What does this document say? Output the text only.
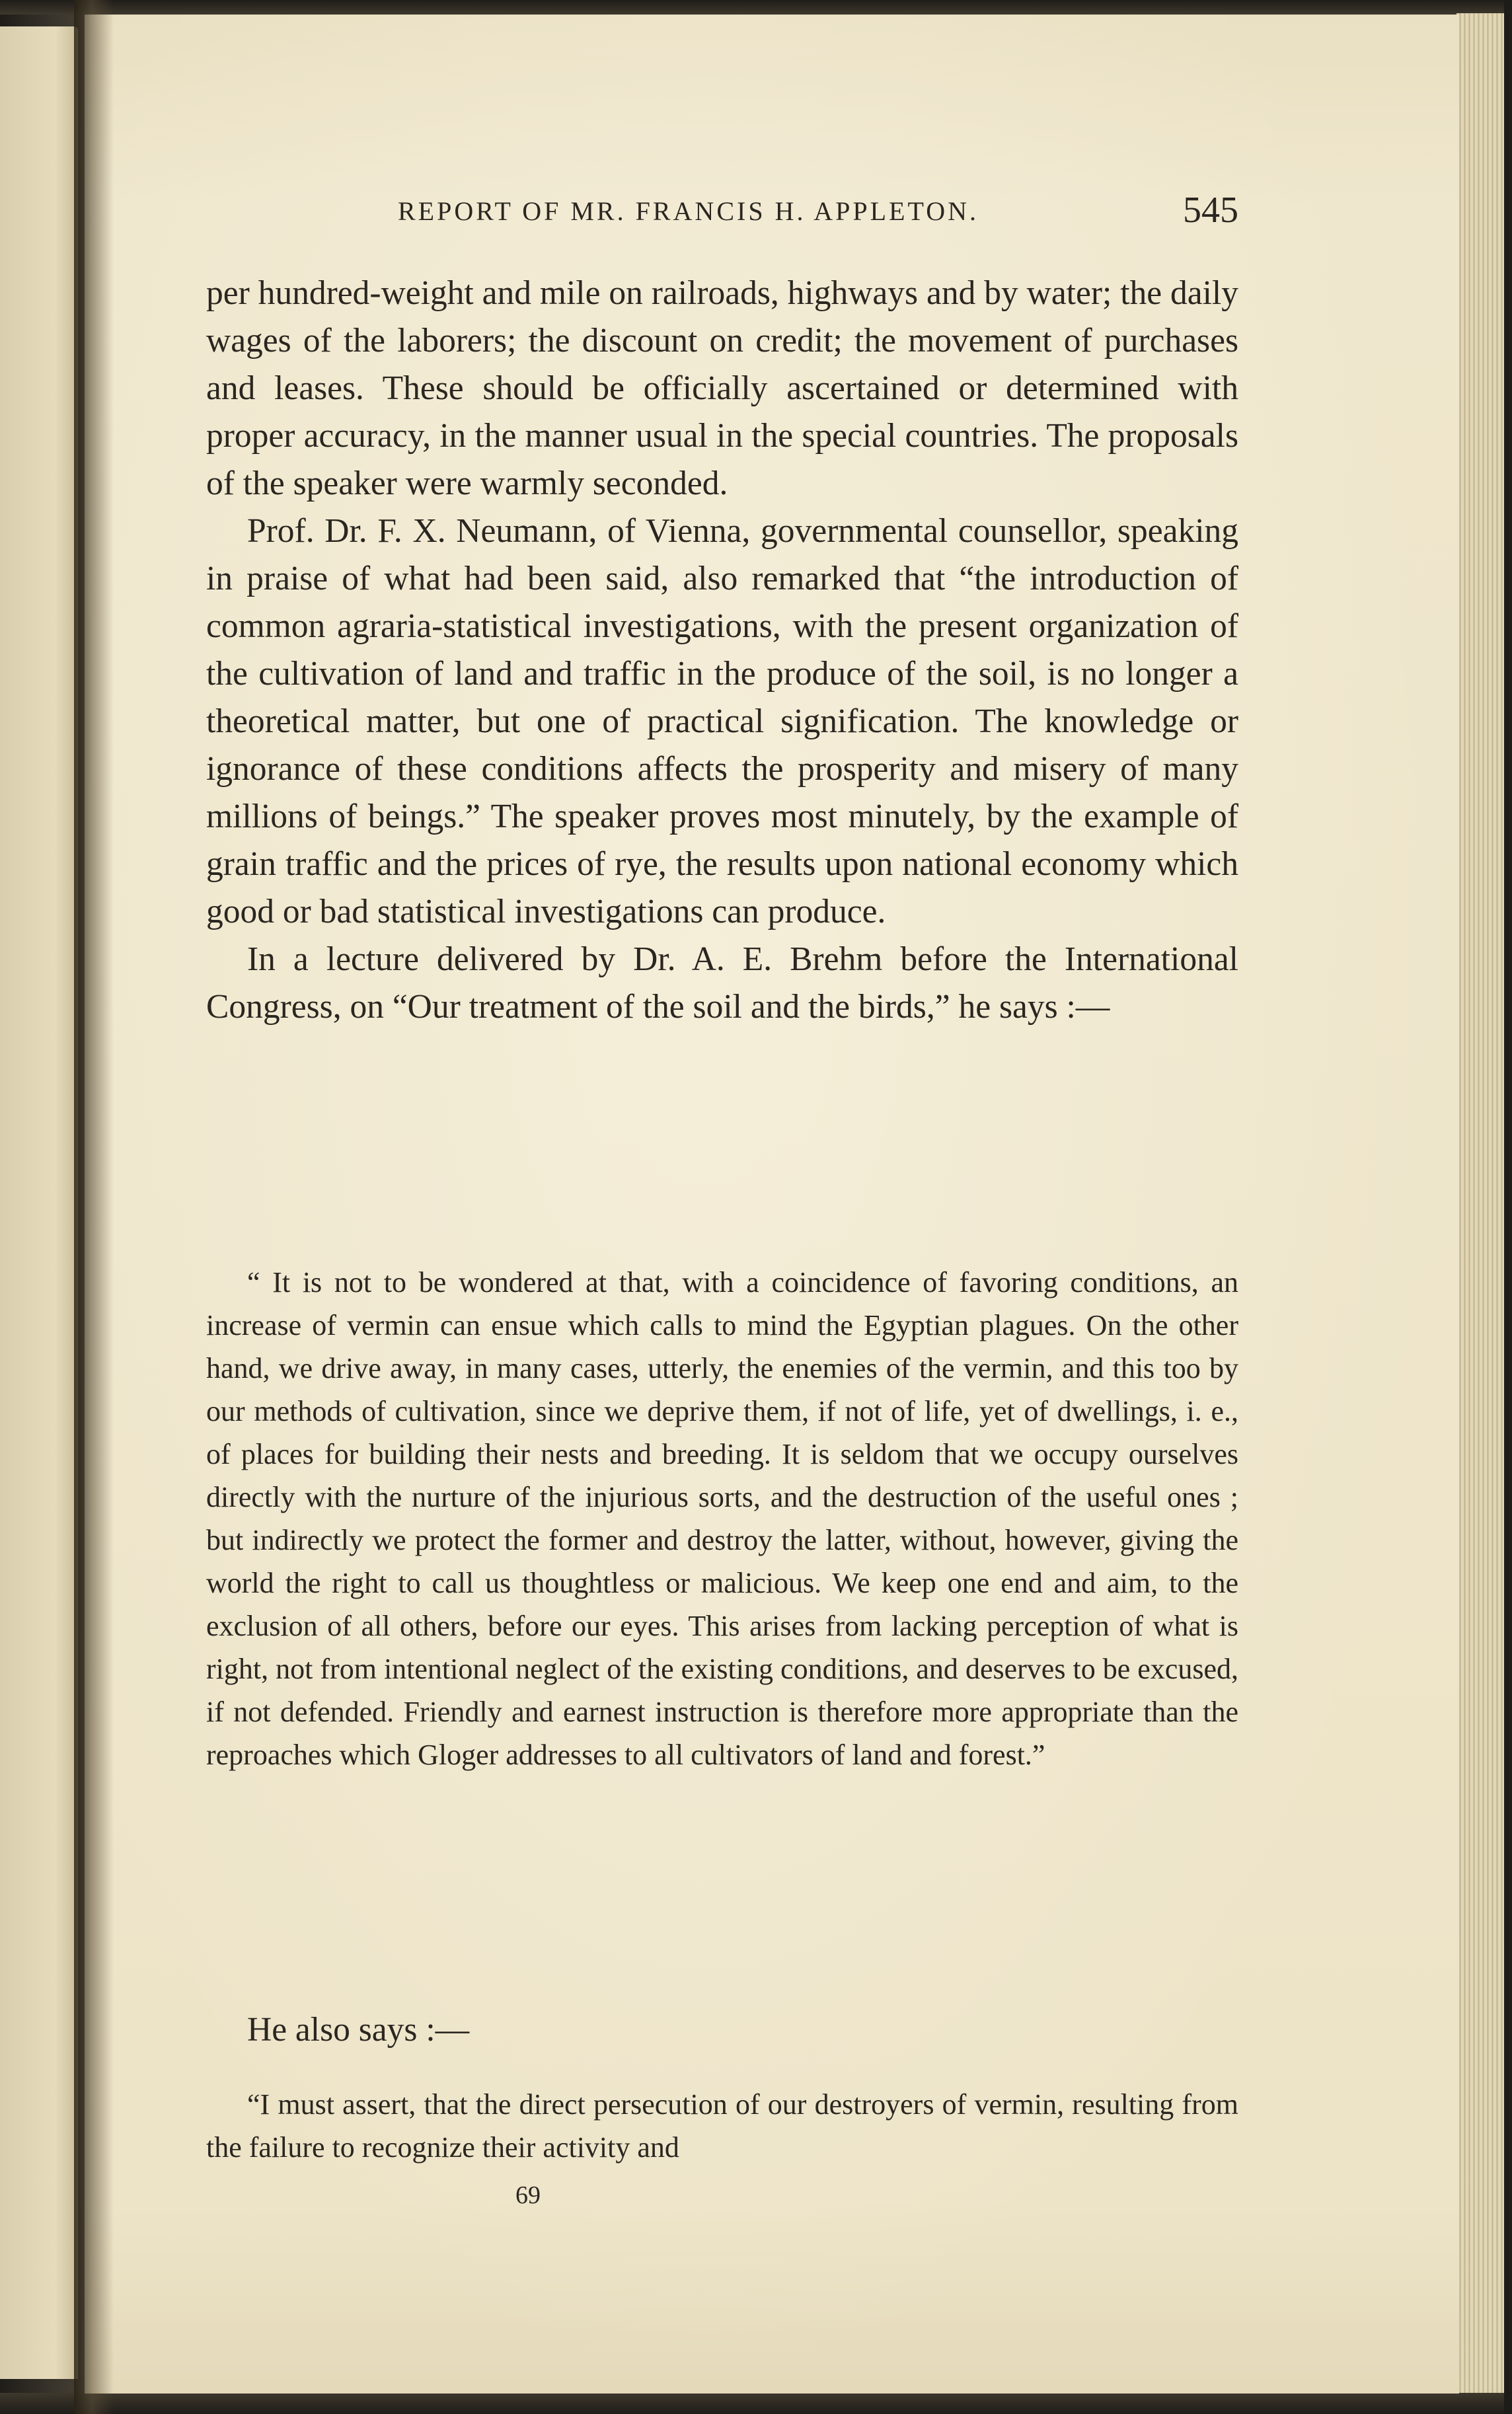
REPORT OF MR. FRANCIS H. APPLETON.	545

per hundred-weight and mile on railroads, highways and by water; the daily wages of the laborers; the discount on credit; the movement of purchases and leases. These should be officially ascertained or determined with proper accuracy, in the manner usual in the special countries. The proposals of the speaker were warmly seconded.

Prof. Dr. F. X. Neumann, of Vienna, governmental counsellor, speaking in praise of what had been said, also remarked that “the introduction of common agraria-statistical investigations, with the present organization of the cultivation of land and traffic in the produce of the soil, is no longer a theoretical matter, but one of practical signification. The knowledge or ignorance of these conditions affects the prosperity and misery of many millions of beings.” The speaker proves most minutely, by the example of grain traffic and the prices of rye, the results upon national economy which good or bad statistical investigations can produce.

In a lecture delivered by Dr. A. E. Brehm before the International Congress, on “Our treatment of the soil and the birds,” he says :—

“ It is not to be wondered at that, with a coincidence of favoring conditions, an increase of vermin can ensue which calls to mind the Egyptian plagues. On the other hand, we drive away, in many cases, utterly, the enemies of the vermin, and this too by our methods of cultivation, since we deprive them, if not of life, yet of dwellings, i. e., of places for building their nests and breeding. It is seldom that we occupy ourselves directly with the nurture of the injurious sorts, and the destruction of the useful ones ; but indirectly we protect the former and destroy the latter, without, however, giving the world the right to call us thoughtless or malicious. We keep one end and aim, to the exclusion of all others, before our eyes. This arises from lacking perception of what is right, not from intentional neglect of the existing conditions, and deserves to be excused, if not defended. Friendly and earnest instruction is therefore more appropriate than the reproaches which Gloger addresses to all cultivators of land and forest.”

He also says :—

“I must assert, that the direct persecution of our destroyers of vermin, resulting from the failure to recognize their activity and

69
